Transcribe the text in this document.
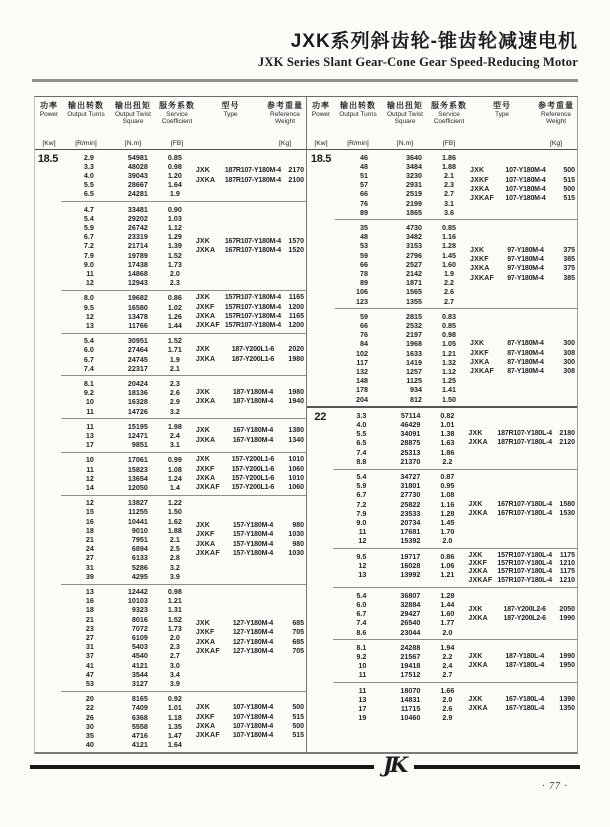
JXK系列斜齿轮-锥齿轮减速电机
JXK Series Slant Gear-Cone Gear Speed-Reducing Motor
功率
Power
[Kw]
输出转数
Output Turns
[R/min]
输出扭矩
Output Twist Square
[N.m]
服务系数
Service Coefficient
[FB]
型号
Type
参考重量
Reference Weight
[Kg]
18.5	2.9	54981	0.85
3.3	48028	0.98
4.0	39043	1.20
5.5	28667	1.64
6.5	24281	1.9
JXK	187R107-Y180M-4	2170
JXKA	187R107-Y180M-4	2100
4.7	33481	0.90
5.4	29202	1.03
5.9	26742	1.12
6.7	23319	1.29
7.2	21714	1.39
7.9	19789	1.52
9.0	17438	1.73
11	14868	2.0
12	12943	2.3
JXK	167R107-Y180M-4	1570
JXKA	167R107-Y180M-4	1520
8.0	19682	0.86
9.5	16580	1.02
12	13478	1.26
13	11766	1.44
JXK	157R107-Y180M-4	1165
JXKF	157R107-Y180M-4	1200
JXKA	157R107-Y180M-4	1165
JXKAF 157R107-Y180M-4	1200
5.4	30951	1.52
6.0	27464	1.71
6.7	24745	1.9
7.4	22317	2.1
JXK	187-Y200L1-6	2020
JXKA	187-Y200L1-6	1980
8.1	20424	2.3
9.2	18136	2.6
10	16328	2.9
11	14726	3.2
JXK	187-Y180M-4	1980
JXKA	187-Y180M-4	1940
11	15195	1.98
13	12471	2.4
17	9851	3.1
JXK	167-Y180M-4	1380
JXKA	167-Y180M-4	1340
10	17061	0.99
11	15823	1.08
12	13654	1.24
14	12050	1.4
JXK	157-Y200L1-6	1010
JXKF	157-Y200L1-6	1060
JXKA	157-Y200L1-6	1010
JXKAF	157-Y200L1-6	1060
12	13827	1.22
15	11255	1.50
16	10441	1.62
18	9010	1.88
21	7951	2.1
24	6894	2.5
27	6133	2.8
31	5286	3.2
39	4295	3.9
JXK	157-Y180M-4	980
JXKF	157-Y180M-4	1030
JXKA	157-Y180M-4	980
JXKAF	157-Y180M-4	1030
13	12442	0.98
16	10103	1.21
18	9323	1.31
21	8016	1.52
23	7072	1.73
27	6109	2.0
31	5403	2.3
37	4540	2.7
41	4121	3.0
47	3544	3.4
53	3127	3.9
JXK	127-Y180M-4	685
JXKF	127-Y180M-4	705
JXKA	127-Y180M-4	685
JXKAF	127-Y180M-4	705
20	8165	0.92
22	7409	1.01
26	6368	1.18
30	5558	1.35
35	4716	1.47
40	4121	1.64
JXK	107-Y180M-4	500
JXKF	107-Y180M-4	515
JXKA	107-Y180M-4	500
JXKAF	107-Y180M-4	515
功率
Power
[Kw]
输出转数
Output Turns
[R/min]
输出扭矩
Output Twist Square
[N.m]
服务系数
Service Coefficient
[FB]
型号
Type
参考重量
Reference Weight
[Kg]
18.5	46	3640	1.86
48	3484	1.88
51	3230	2.1
57	2931	2.3
66	2519	2.7
76	2199	3.1
89	1865	3.6
JXK	107-Y180M-4	500
JXKF	107-Y180M-4	515
JXKA	107-Y180M-4	500
JXKAF	107-Y180M-4	515
35	4730	0.85
48	3482	1.16
53	3153	1.28
59	2796	1.45
66	2527	1.60
78	2142	1.9
89	1871	2.2
106	1565	2.6
123	1355	2.7
JXK	97-Y180M-4	375
JXKF	97-Y180M-4	385
JXKA	97-Y180M-4	375
JXKAF	97-Y180M-4	385
59	2815	0.83
66	2532	0.85
76	2197	0.98
84	1968	1.05
102	1633	1.21
117	1419	1.32
132	1257	1.12
148	1125	1.25
178	934	1.41
204	812	1.50
JXK	87-Y180M-4	300
JXKF	87-Y180M-4	308
JXKA	87-Y180M-4	300
JXKAF	87-Y180M-4	308
22	3.3	57114	0.82
4.0	46429	1.01
5.5	34091	1.38
6.5	28875	1.63
7.4	25313	1.86
8.8	21370	2.2
JXK	187R107-Y180L-4	2180
JXKA	187R107-Y180L-4	2120
5.4	34727	0.87
5.9	31801	0.95
6.7	27730	1.08
7.2	25822	1.16
7.9	23533	1.28
9.0	20734	1.45
11	17681	1.70
12	15392	2.0
JXK	167R107-Y180L-4	1580
JXKA	167R107-Y180L-4	1530
9.5	19717	0.86
12	16028	1.06
13	13992	1.21
JXK	157R107-Y180L-4	1175
JXKF	157R107-Y180L-4	1210
JXKA	157R107-Y180L-4	1175
JXKAF 157R107-Y180L-4	1210
5.4	36807	1.28
6.0	32884	1.44
6.7	29427	1.60
7.4	26540	1.77
8.6	23044	2.0
JXK	187-Y200L2-6	2050
JXKA	187-Y200L2-6	1990
8.1	24288	1.94
9.2	21567	2.2
10	19418	2.4
11	17512	2.7
JXK	187-Y180L-4	1990
JXKA	187-Y180L-4	1950
11	18070	1.66
13	14831	2.0
17	11715	2.6
19	10460	2.9
JXK	167-Y180L-4	1390
JXKA	167-Y180L-4	1350
JK
· 77 ·
